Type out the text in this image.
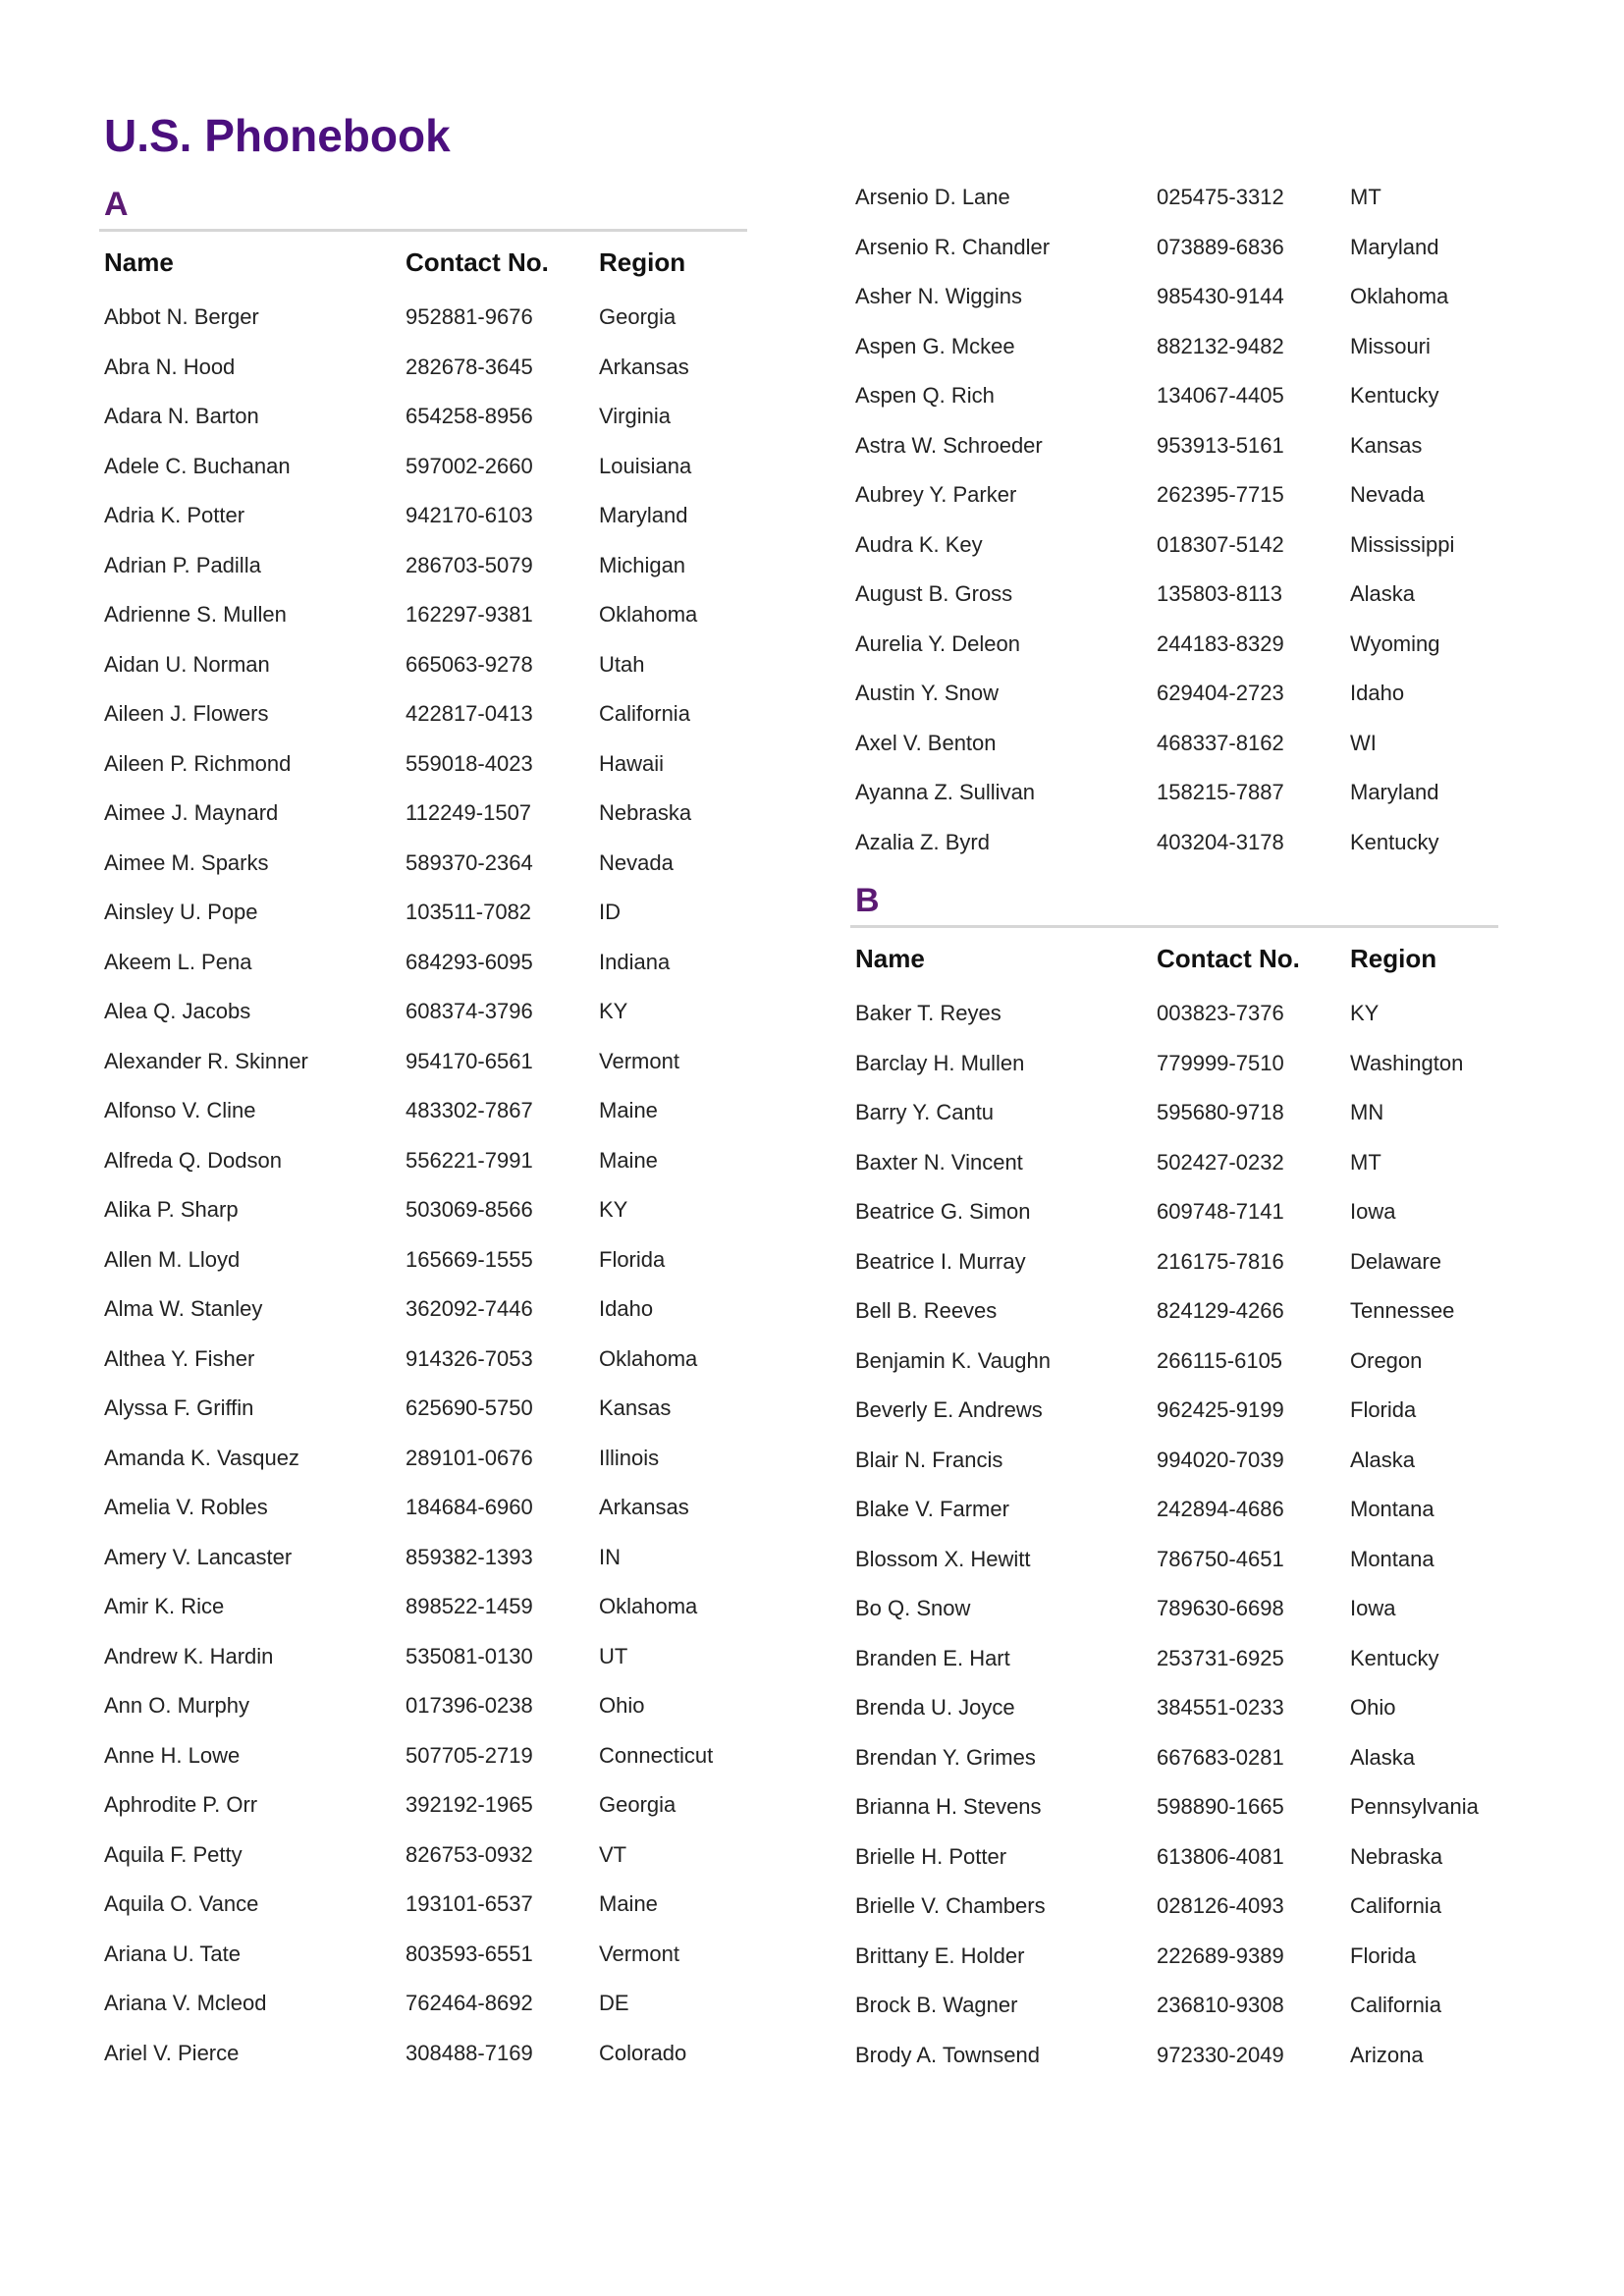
U.S. Phonebook
A
Name	Contact No.	Region
Abbot N. Berger	952881-9676	Georgia
Abra N. Hood	282678-3645	Arkansas
Adara N. Barton	654258-8956	Virginia
Adele C. Buchanan	597002-2660	Louisiana
Adria K. Potter	942170-6103	Maryland
Adrian P. Padilla	286703-5079	Michigan
Adrienne S. Mullen	162297-9381	Oklahoma
Aidan U. Norman	665063-9278	Utah
Aileen J. Flowers	422817-0413	California
Aileen P. Richmond	559018-4023	Hawaii
Aimee J. Maynard	112249-1507	Nebraska
Aimee M. Sparks	589370-2364	Nevada
Ainsley U. Pope	103511-7082	ID
Akeem L. Pena	684293-6095	Indiana
Alea Q. Jacobs	608374-3796	KY
Alexander R. Skinner	954170-6561	Vermont
Alfonso V. Cline	483302-7867	Maine
Alfreda Q. Dodson	556221-7991	Maine
Alika P. Sharp	503069-8566	KY
Allen M. Lloyd	165669-1555	Florida
Alma W. Stanley	362092-7446	Idaho
Althea Y. Fisher	914326-7053	Oklahoma
Alyssa F. Griffin	625690-5750	Kansas
Amanda K. Vasquez	289101-0676	Illinois
Amelia V. Robles	184684-6960	Arkansas
Amery V. Lancaster	859382-1393	IN
Amir K. Rice	898522-1459	Oklahoma
Andrew K. Hardin	535081-0130	UT
Ann O. Murphy	017396-0238	Ohio
Anne H. Lowe	507705-2719	Connecticut
Aphrodite P. Orr	392192-1965	Georgia
Aquila F. Petty	826753-0932	VT
Aquila O. Vance	193101-6537	Maine
Ariana U. Tate	803593-6551	Vermont
Ariana V. Mcleod	762464-8692	DE
Ariel V. Pierce	308488-7169	Colorado
Arsenio D. Lane	025475-3312	MT
Arsenio R. Chandler	073889-6836	Maryland
Asher N. Wiggins	985430-9144	Oklahoma
Aspen G. Mckee	882132-9482	Missouri
Aspen Q. Rich	134067-4405	Kentucky
Astra W. Schroeder	953913-5161	Kansas
Aubrey Y. Parker	262395-7715	Nevada
Audra K. Key	018307-5142	Mississippi
August B. Gross	135803-8113	Alaska
Aurelia Y. Deleon	244183-8329	Wyoming
Austin Y. Snow	629404-2723	Idaho
Axel V. Benton	468337-8162	WI
Ayanna Z. Sullivan	158215-7887	Maryland
Azalia Z. Byrd	403204-3178	Kentucky
B
Name	Contact No.	Region
Baker T. Reyes	003823-7376	KY
Barclay H. Mullen	779999-7510	Washington
Barry Y. Cantu	595680-9718	MN
Baxter N. Vincent	502427-0232	MT
Beatrice G. Simon	609748-7141	Iowa
Beatrice I. Murray	216175-7816	Delaware
Bell B. Reeves	824129-4266	Tennessee
Benjamin K. Vaughn	266115-6105	Oregon
Beverly E. Andrews	962425-9199	Florida
Blair N. Francis	994020-7039	Alaska
Blake V. Farmer	242894-4686	Montana
Blossom X. Hewitt	786750-4651	Montana
Bo Q. Snow	789630-6698	Iowa
Branden E. Hart	253731-6925	Kentucky
Brenda U. Joyce	384551-0233	Ohio
Brendan Y. Grimes	667683-0281	Alaska
Brianna H. Stevens	598890-1665	Pennsylvania
Brielle H. Potter	613806-4081	Nebraska
Brielle V. Chambers	028126-4093	California
Brittany E. Holder	222689-9389	Florida
Brock B. Wagner	236810-9308	California
Brody A. Townsend	972330-2049	Arizona
